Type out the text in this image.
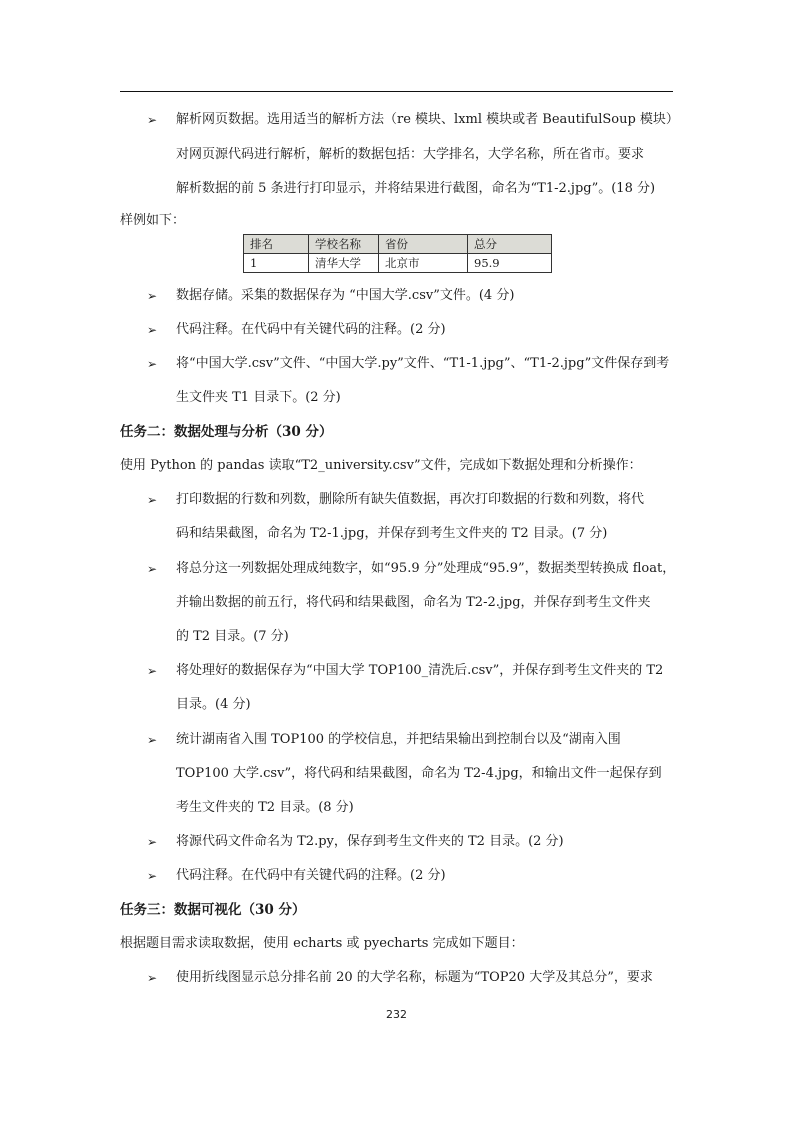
➢ 解析网页数据。选用适当的解析方法（re 模块、lxml 模块或者 BeautifulSoup 模块）
对网页源代码进行解析，解析的数据包括：大学排名，大学名称，所在省市。要求
解析数据的前 5 条进行打印显示，并将结果进行截图，命名为“T1-2.jpg”。(18 分)
样例如下：
排名	学校名称	省份	总分
1	清华大学	北京市	95.9
➢ 数据存储。采集的数据保存为 “中国大学.csv”文件。(4 分)
➢ 代码注释。在代码中有关键代码的注释。(2 分)
➢ 将“中国大学.csv”文件、“中国大学.py”文件、“T1-1.jpg”、“T1-2.jpg”文件保存到考
生文件夹 T1 目录下。(2 分)
任务二：数据处理与分析（30 分）
使用 Python 的 pandas 读取“T2_university.csv”文件，完成如下数据处理和分析操作：
➢ 打印数据的行数和列数，删除所有缺失值数据，再次打印数据的行数和列数，将代
码和结果截图，命名为 T2-1.jpg，并保存到考生文件夹的 T2 目录。(7 分)
➢ 将总分这一列数据处理成纯数字，如“95.9 分”处理成“95.9”，数据类型转换成 float，
并输出数据的前五行，将代码和结果截图，命名为 T2-2.jpg，并保存到考生文件夹
的 T2 目录。(7 分)
➢ 将处理好的数据保存为“中国大学 TOP100_清洗后.csv”，并保存到考生文件夹的 T2
目录。(4 分)
➢ 统计湖南省入围 TOP100 的学校信息，并把结果输出到控制台以及“湖南入围
TOP100 大学.csv”，将代码和结果截图，命名为 T2-4.jpg，和输出文件一起保存到
考生文件夹的 T2 目录。(8 分)
➢ 将源代码文件命名为 T2.py，保存到考生文件夹的 T2 目录。(2 分)
➢ 代码注释。在代码中有关键代码的注释。(2 分)
任务三：数据可视化（30 分）
根据题目需求读取数据，使用 echarts 或 pyecharts 完成如下题目：
➢ 使用折线图显示总分排名前 20 的大学名称，标题为“TOP20 大学及其总分”，要求
232
